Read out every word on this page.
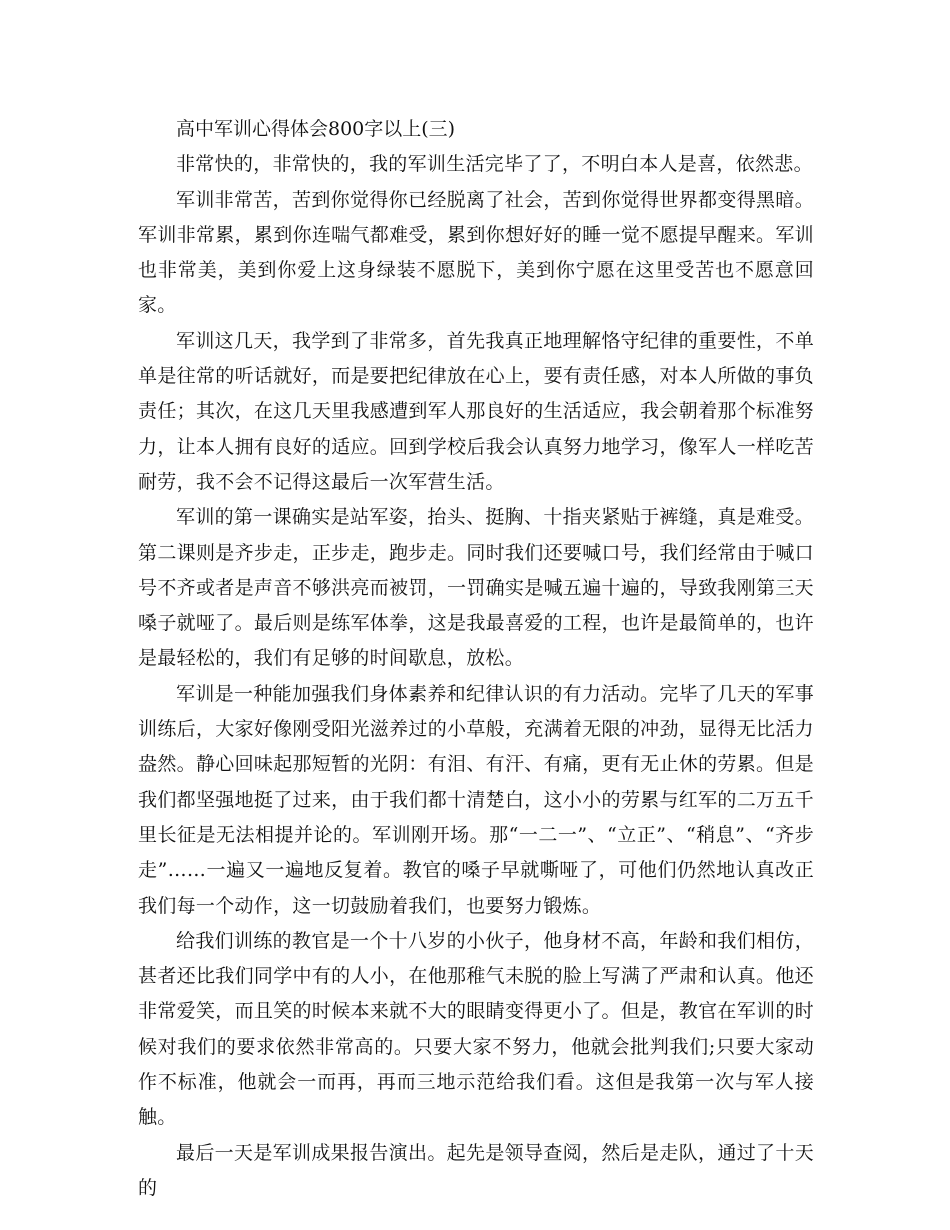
高中军训心得体会800字以上(三)

非常快的，非常快的，我的军训生活完毕了了，不明白本人是喜，依然悲。

军训非常苦，苦到你觉得你已经脱离了社会，苦到你觉得世界都变得黑暗。军训非常累，累到你连喘气都难受，累到你想好好的睡一觉不愿提早醒来。军训也非常美，美到你爱上这身绿装不愿脱下，美到你宁愿在这里受苦也不愿意回家。

军训这几天，我学到了非常多，首先我真正地理解恪守纪律的重要性，不单单是往常的听话就好，而是要把纪律放在心上，要有责任感，对本人所做的事负责任；其次，在这几天里我感遭到军人那良好的生活适应，我会朝着那个标准努力，让本人拥有良好的适应。回到学校后我会认真努力地学习，像军人一样吃苦耐劳，我不会不记得这最后一次军营生活。

军训的第一课确实是站军姿，抬头、挺胸、十指夹紧贴于裤缝，真是难受。第二课则是齐步走，正步走，跑步走。同时我们还要喊口号，我们经常由于喊口号不齐或者是声音不够洪亮而被罚，一罚确实是喊五遍十遍的，导致我刚第三天嗓子就哑了。最后则是练军体拳，这是我最喜爱的工程，也许是最简单的，也许是最轻松的，我们有足够的时间歇息，放松。

军训是一种能加强我们身体素养和纪律认识的有力活动。完毕了几天的军事训练后，大家好像刚受阳光滋养过的小草般，充满着无限的冲劲，显得无比活力盎然。静心回味起那短暂的光阴：有泪、有汗、有痛，更有无止休的劳累。但是我们都坚强地挺了过来，由于我们都十清楚白，这小小的劳累与红军的二万五千里长征是无法相提并论的。军训刚开场。那“一二一”、“立正”、“稍息”、“齐步走”……一遍又一遍地反复着。教官的嗓子早就嘶哑了，可他们仍然地认真改正我们每一个动作，这一切鼓励着我们，也要努力锻炼。

给我们训练的教官是一个十八岁的小伙子，他身材不高，年龄和我们相仿，甚者还比我们同学中有的人小，在他那稚气未脱的脸上写满了严肃和认真。他还非常爱笑，而且笑的时候本来就不大的眼睛变得更小了。但是，教官在军训的时候对我们的要求依然非常高的。只要大家不努力，他就会批判我们;只要大家动作不标准，他就会一而再，再而三地示范给我们看。这但是我第一次与军人接触。

最后一天是军训成果报告演出。起先是领导查阅，然后是走队，通过了十天的
